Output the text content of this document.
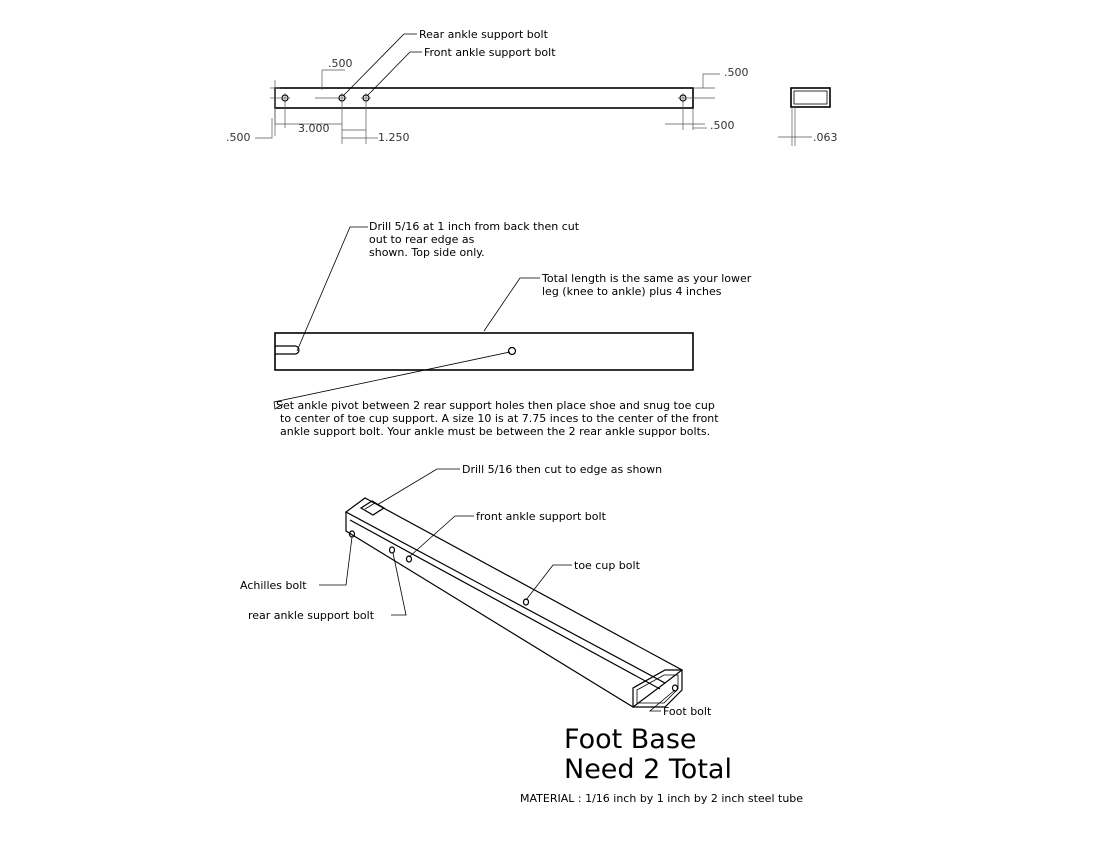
Rear ankle support bolt
Front ankle support bolt
.500
.500
3.000
1.250
.500
.500
.063
Drill 5/16 at 1 inch from back then cut out to rear edge as shown. Top side only.
Total length is the same as your lower leg (knee to ankle) plus 4 inches
Set ankle pivot between 2 rear support holes then place shoe and snug toe cup to center of toe cup support. A size 10 is at 7.75 inces to the center of the front ankle support bolt. Your ankle must be between the 2 rear ankle suppor bolts.
Drill 5/16 then cut to edge as shown
front ankle support bolt
toe cup bolt
Achilles bolt
rear ankle support bolt
Foot bolt
Foot Base
Need 2 Total
MATERIAL : 1/16 inch by 1 inch by 2 inch steel tube
